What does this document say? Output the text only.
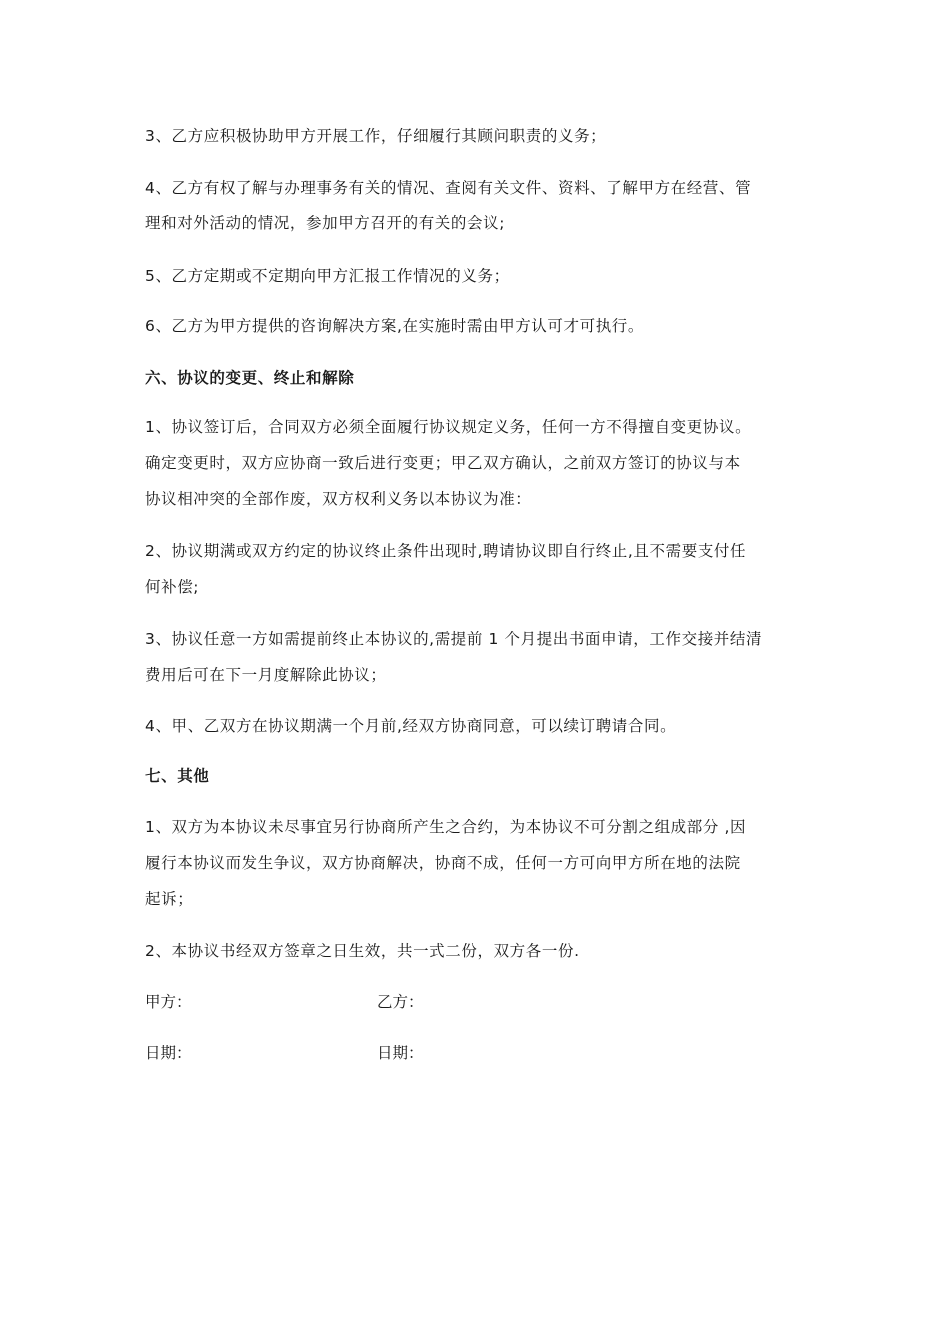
3、乙方应积极协助甲方开展工作，仔细履行其顾问职责的义务；
4、乙方有权了解与办理事务有关的情况、查阅有关文件、资料、了解甲方在经营、管
理和对外活动的情况，参加甲方召开的有关的会议;
5、乙方定期或不定期向甲方汇报工作情况的义务；
6、乙方为甲方提供的咨询解决方案,在实施时需由甲方认可才可执行。
六、协议的变更、终止和解除
1、协议签订后，合同双方必须全面履行协议规定义务，任何一方不得擅自变更协议。
确定变更时，双方应协商一致后进行变更；甲乙双方确认，之前双方签订的协议与本
协议相冲突的全部作废，双方权利义务以本协议为准：
2、协议期满或双方约定的协议终止条件出现时,聘请协议即自行终止,且不需要支付任
何补偿;
3、协议任意一方如需提前终止本协议的,需提前 1 个月提出书面申请，工作交接并结清
费用后可在下一月度解除此协议；
4、甲、乙双方在协议期满一个月前,经双方协商同意，可以续订聘请合同。
七、其他
1、双方为本协议未尽事宜另行协商所产生之合约，为本协议不可分割之组成部分 ,因
履行本协议而发生争议，双方协商解决，协商不成，任何一方可向甲方所在地的法院
起诉；
2、本协议书经双方签章之日生效，共一式二份，双方各一份.
甲方：	乙方：
日期：	日期：
